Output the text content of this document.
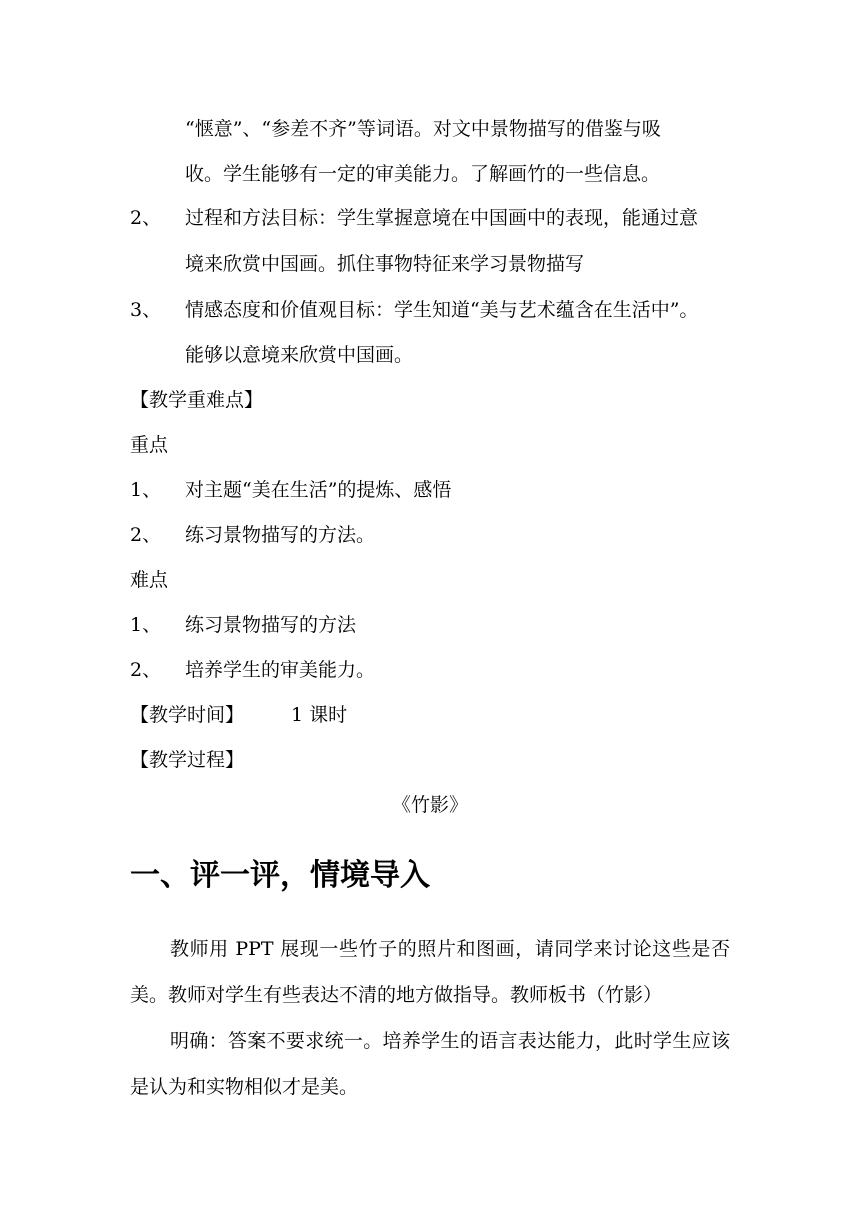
“惬意”、“参差不齐”等词语。对文中景物描写的借鉴与吸
收。学生能够有一定的审美能力。了解画竹的一些信息。
2、 过程和方法目标：学生掌握意境在中国画中的表现，能通过意
境来欣赏中国画。抓住事物特征来学习景物描写
3、 情感态度和价值观目标：学生知道“美与艺术蕴含在生活中”。
能够以意境来欣赏中国画。
【教学重难点】
重点
1、 对主题“美在生活”的提炼、感悟
2、 练习景物描写的方法。
难点
1、 练习景物描写的方法
2、 培养学生的审美能力。
【教学时间】 1 课时
【教学过程】
《竹影》
一、评一评，情境导入
教师用 PPT 展现一些竹子的照片和图画，请同学来讨论这些是否美。教师对学生有些表达不清的地方做指导。教师板书（竹影）
明确：答案不要求统一。培养学生的语言表达能力，此时学生应该是认为和实物相似才是美。
